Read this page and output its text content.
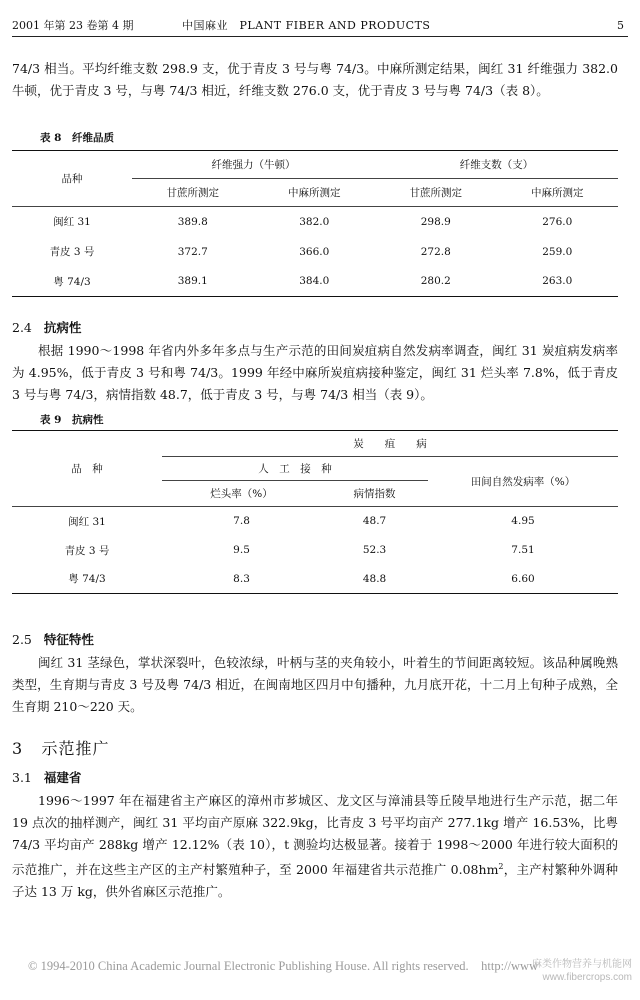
2001 年第 23 卷第 4 期	中国麻业　PLANT FIBER AND PRODUCTS	5
74/3 相当。平均纤维支数 298.9 支，优于青皮 3 号与粤 74/3。中麻所测定结果，闽红 31 纤维强力 382.0 牛顿，优于青皮 3 号，与粤 74/3 相近，纤维支数 276.0 支，优于青皮 3 号与粤 74/3（表 8）。
表 8　纤维品质
品种	纤维强力（牛顿）		纤维支数（支）	
	甘蔗所测定	中麻所测定	甘蔗所测定	中麻所测定
闽红 31	389.8	382.0	298.9	276.0
青皮 3 号	372.7	366.0	272.8	259.0
粤 74/3	389.1	384.0	280.2	263.0
2.4 抗病性
根据 1990～1998 年省内外多年多点与生产示范的田间炭疽病自然发病率调查，闽红 31 炭疽病发病率为 4.95%，低于青皮 3 号和粤 74/3。1999 年经中麻所炭疽病接种鉴定，闽红 31 烂头率 7.8%，低于青皮 3 号与粤 74/3，病情指数 48.7，低于青皮 3 号，与粤 74/3 相当（表 9）。
表 9　抗病性
品　种	炭　　疽　　病		
	人　工　接　种		田间自然发病率（%）
	烂头率（%）	病情指数	
闽红 31	7.8	48.7	4.95
青皮 3 号	9.5	52.3	7.51
粤 74/3	8.3	48.8	6.60
2.5 特征特性
闽红 31 茎绿色，掌状深裂叶，色较浓绿，叶柄与茎的夹角较小，叶着生的节间距离较短。该品种属晚熟类型，生育期与青皮 3 号及粤 74/3 相近，在闽南地区四月中旬播种，九月底开花，十二月上旬种子成熟，全生育期 210～220 天。
3 示范推广
3.1 福建省
1996～1997 年在福建省主产麻区的漳州市芗城区、龙文区与漳浦县等丘陵旱地进行生产示范，据二年 19 点次的抽样测产，闽红 31 平均亩产原麻 322.9kg，比青皮 3 号平均亩产 277.1kg 增产 16.53%，比粤 74/3 平均亩产 288kg 增产 12.12%（表 10），t 测验均达极显著。接着于 1998～2000 年进行较大面积的示范推广，并在这些主产区的主产村繁殖种子，至 2000 年福建省共示范推广 $0.08hm^2$，主产村繁种外调种子达 13 万 kg，供外省麻区示范推广。
© 1994-2010 China Academic Journal Electronic Publishing House. All rights reserved.　http://www
麻类作物营养与机能网
www.fibercrops.com
